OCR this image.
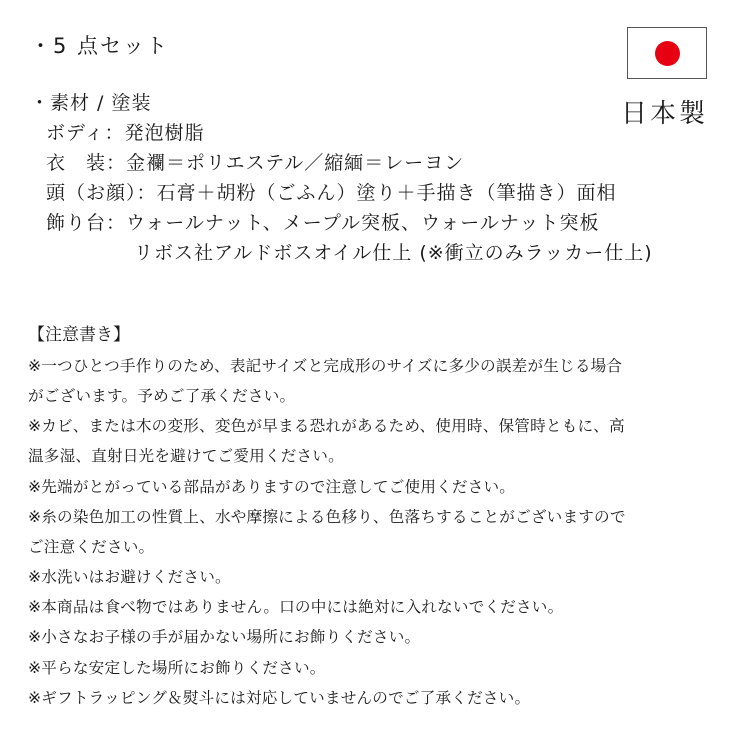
・5 点セット
日本製
・素材 / 塗装
ボディ：発泡樹脂
衣　装：金襴＝ポリエステル／縮緬＝レーヨン
頭（お顔）：石膏＋胡粉（ごふん）塗り＋手描き（筆描き）面相
飾り台：ウォールナット、メープル突板、ウォールナット突板
リボス社アルドボスオイル仕上 (※衝立のみラッカー仕上)
【注意書き】
※一つひとつ手作りのため、表記サイズと完成形のサイズに多少の誤差が生じる場合
がございます。予めご了承ください。
※カビ、または木の変形、変色が早まる恐れがあるため、使用時、保管時ともに、高
温多湿、直射日光を避けてご愛用ください。
※先端がとがっている部品がありますので注意してご使用ください。
※糸の染色加工の性質上、水や摩擦による色移り、色落ちすることがございますので
ご注意ください。
※水洗いはお避けください。
※本商品は食べ物ではありません。口の中には絶対に入れないでください。
※小さなお子様の手が届かない場所にお飾りください。
※平らな安定した場所にお飾りください。
※ギフトラッピング＆熨斗には対応していませんのでご了承ください。
